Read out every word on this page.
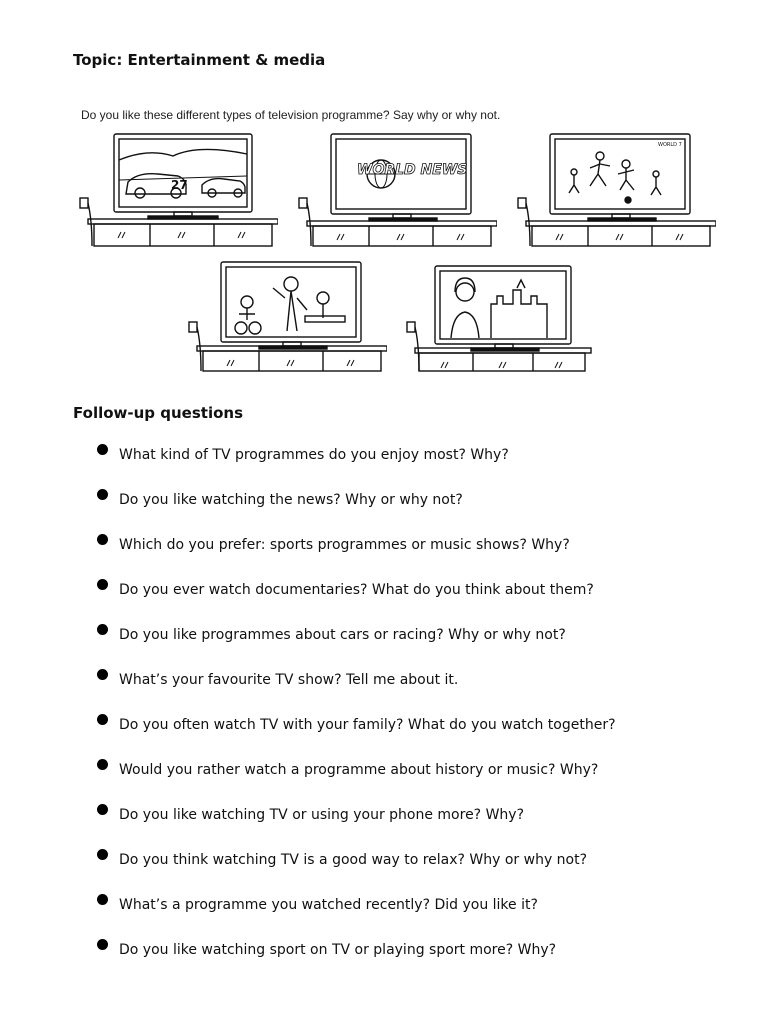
Topic: Entertainment & media

Do you like these different types of television programme? Say why or why not.

27
WORLD NEWS
WORLD 7
Follow-up questions
What kind of TV programmes do you enjoy most? Why?
Do you like watching the news? Why or why not?
Which do you prefer: sports programmes or music shows? Why?
Do you ever watch documentaries? What do you think about them?
Do you like programmes about cars or racing? Why or why not?
What’s your favourite TV show? Tell me about it.
Do you often watch TV with your family? What do you watch together?
Would you rather watch a programme about history or music? Why?
Do you like watching TV or using your phone more? Why?
Do you think watching TV is a good way to relax? Why or why not?
What’s a programme you watched recently? Did you like it?
Do you like watching sport on TV or playing sport more? Why?
